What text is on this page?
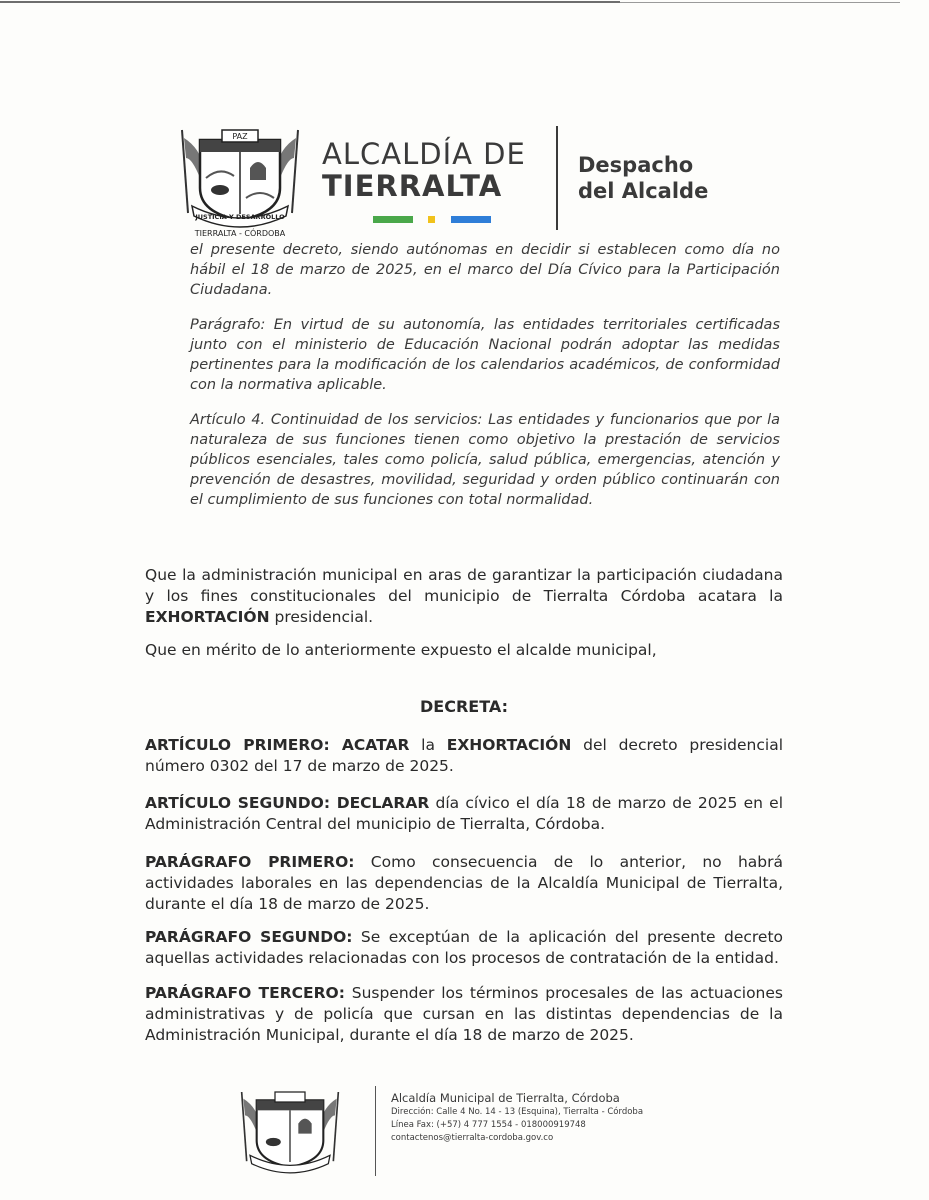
PAZ
JUSTICIA Y DESARROLLO
TIERRALTA - CÓRDOBA
ALCALDÍA DE
TIERRALTA
Despacho
del Alcalde
el presente decreto, siendo autónomas en decidir si establecen como día no hábil el 18 de marzo de 2025, en el marco del Día Cívico para la Participación Ciudadana.
Parágrafo: En virtud de su autonomía, las entidades territoriales certificadas junto con el ministerio de Educación Nacional podrán adoptar las medidas pertinentes para la modificación de los calendarios académicos, de conformidad con la normativa aplicable.
Artículo 4. Continuidad de los servicios: Las entidades y funcionarios que por la naturaleza de sus funciones tienen como objetivo la prestación de servicios públicos esenciales, tales como policía, salud pública, emergencias, atención y prevención de desastres, movilidad, seguridad y orden público continuarán con el cumplimiento de sus funciones con total normalidad.
Que la administración municipal en aras de garantizar la participación ciudadana y los fines constitucionales del municipio de Tierralta Córdoba acatara la EXHORTACIÓN presidencial.
Que en mérito de lo anteriormente expuesto el alcalde municipal,
DECRETA:
ARTÍCULO PRIMERO: ACATAR la EXHORTACIÓN del decreto presidencial número 0302 del 17 de marzo de 2025.
ARTÍCULO SEGUNDO: DECLARAR día cívico el día 18 de marzo de 2025 en el Administración Central del municipio de Tierralta, Córdoba.
PARÁGRAFO PRIMERO: Como consecuencia de lo anterior, no habrá actividades laborales en las dependencias de la Alcaldía Municipal de Tierralta, durante el día 18 de marzo de 2025.
PARÁGRAFO SEGUNDO: Se exceptúan de la aplicación del presente decreto aquellas actividades relacionadas con los procesos de contratación de la entidad.
PARÁGRAFO TERCERO: Suspender los términos procesales de las actuaciones administrativas y de policía que cursan en las distintas dependencias de la Administración Municipal, durante el día 18 de marzo de 2025.
Alcaldía Municipal de Tierralta, Córdoba
Dirección: Calle 4 No. 14 - 13 (Esquina), Tierralta - Córdoba
Línea Fax: (+57) 4 777 1554 - 018000919748
contactenos@tierralta-cordoba.gov.co
